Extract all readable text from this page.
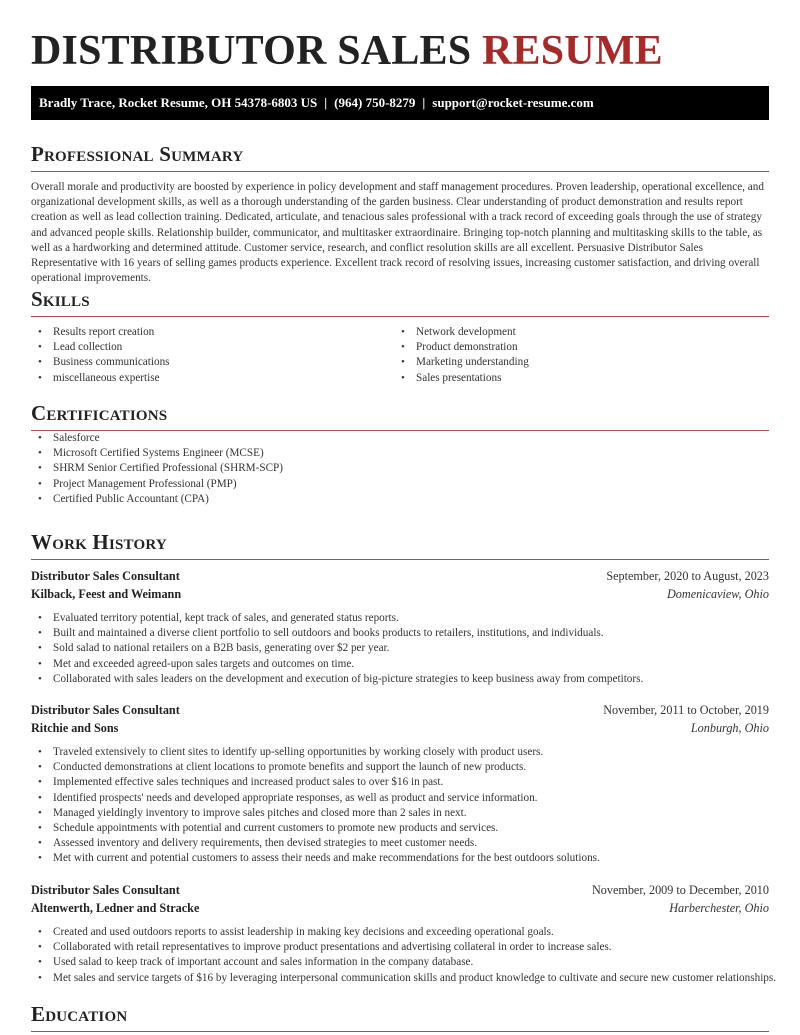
DISTRIBUTOR SALES RESUME
Bradly Trace, Rocket Resume, OH 54378-6803 US | (964) 750-8279 | support@rocket-resume.com
Professional Summary

Overall morale and productivity are boosted by experience in policy development and staff management procedures. Proven leadership, operational excellence, and organizational development skills, as well as a thorough understanding of the garden business. Clear understanding of product demonstration and results report creation as well as lead collection training. Dedicated, articulate, and tenacious sales professional with a track record of exceeding goals through the use of strategy and advanced people skills. Relationship builder, communicator, and multitasker extraordinaire. Bringing top-notch planning and multitasking skills to the table, as well as a hardworking and determined attitude. Customer service, research, and conflict resolution skills are all excellent. Persuasive Distributor Sales Representative with 16 years of selling games products experience. Excellent track record of resolving issues, increasing customer satisfaction, and driving overall operational improvements.

Skills
• Results report creation
• Lead collection
• Business communications
• miscellaneous expertise
• Network development
• Product demonstration
• Marketing understanding
• Sales presentations
Certifications
• Salesforce
• Microsoft Certified Systems Engineer (MCSE)
• SHRM Senior Certified Professional (SHRM-SCP)
• Project Management Professional (PMP)
• Certified Public Accountant (CPA)
Work History
Distributor Sales Consultant	September, 2020 to August, 2023
Kilback, Feest and Weimann	Domenicaview, Ohio
• Evaluated territory potential, kept track of sales, and generated status reports.
• Built and maintained a diverse client portfolio to sell outdoors and books products to retailers, institutions, and individuals.
• Sold salad to national retailers on a B2B basis, generating over $2 per year.
• Met and exceeded agreed-upon sales targets and outcomes on time.
• Collaborated with sales leaders on the development and execution of big-picture strategies to keep business away from competitors.
Distributor Sales Consultant	November, 2011 to October, 2019
Ritchie and Sons	Lonburgh, Ohio
• Traveled extensively to client sites to identify up-selling opportunities by working closely with product users.
• Conducted demonstrations at client locations to promote benefits and support the launch of new products.
• Implemented effective sales techniques and increased product sales to over $16 in past.
• Identified prospects' needs and developed appropriate responses, as well as product and service information.
• Managed yieldingly inventory to improve sales pitches and closed more than 2 sales in next.
• Schedule appointments with potential and current customers to promote new products and services.
• Assessed inventory and delivery requirements, then devised strategies to meet customer needs.
• Met with current and potential customers to assess their needs and make recommendations for the best outdoors solutions.
Distributor Sales Consultant	November, 2009 to December, 2010
Altenwerth, Ledner and Stracke	Harberchester, Ohio
• Created and used outdoors reports to assist leadership in making key decisions and exceeding operational goals.
• Collaborated with retail representatives to improve product presentations and advertising collateral in order to increase sales.
• Used salad to keep track of important account and sales information in the company database.
• Met sales and service targets of $16 by leveraging interpersonal communication skills and product knowledge to cultivate and secure new customer relationships.
Education
